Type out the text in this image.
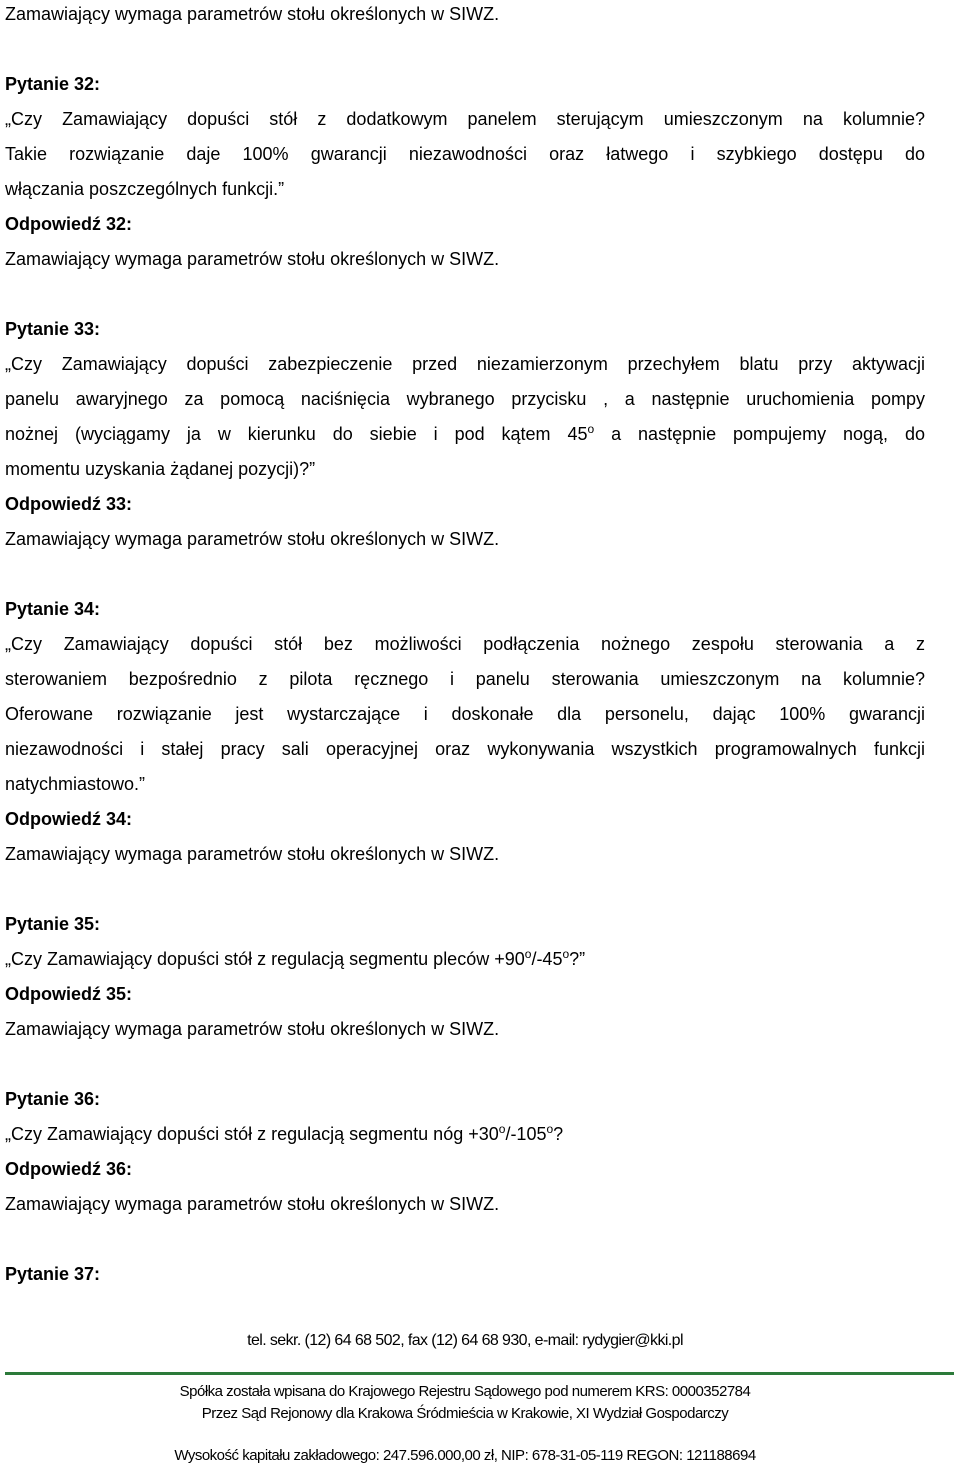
Zamawiający wymaga parametrów stołu określonych w SIWZ.

Pytanie 32:

„Czy Zamawiający dopuści stół z dodatkowym panelem sterującym umieszczonym na kolumnie?

Takie rozwiązanie daje 100% gwarancji niezawodności oraz łatwego i szybkiego dostępu do

włączania poszczególnych funkcji.”

Odpowiedź 32:

Zamawiający wymaga parametrów stołu określonych w SIWZ.

Pytanie 33:

„Czy Zamawiający dopuści zabezpieczenie przed niezamierzonym przechyłem blatu przy aktywacji

panelu awaryjnego za pomocą naciśnięcia wybranego przycisku , a następnie uruchomienia pompy

nożnej (wyciągamy ja w kierunku do siebie i pod kątem 45$^o$ a następnie pompujemy nogą, do

momentu uzyskania żądanej pozycji)?”

Odpowiedź 33:

Zamawiający wymaga parametrów stołu określonych w SIWZ.

Pytanie 34:

„Czy Zamawiający dopuści stół bez możliwości podłączenia nożnego zespołu sterowania a z

sterowaniem bezpośrednio z pilota ręcznego i panelu sterowania umieszczonym na kolumnie?

Oferowane rozwiązanie jest wystarczające i doskonałe dla personelu, dając 100% gwarancji

niezawodności i stałej pracy sali operacyjnej oraz wykonywania wszystkich programowalnych funkcji

natychmiastowo.”

Odpowiedź 34:

Zamawiający wymaga parametrów stołu określonych w SIWZ.

Pytanie 35:

„Czy Zamawiający dopuści stół z regulacją segmentu pleców $+90^o/-45^o$?”

Odpowiedź 35:

Zamawiający wymaga parametrów stołu określonych w SIWZ.

Pytanie 36:

„Czy Zamawiający dopuści stół z regulacją segmentu nóg $+30^o/-105^o$?

Odpowiedź 36:

Zamawiający wymaga parametrów stołu określonych w SIWZ.

Pytanie 37:

tel. sekr. (12) 64 68 502, fax (12) 64 68 930, e-mail: rydygier@kki.pl
Spółka została wpisana do Krajowego Rejestru Sądowego pod numerem KRS: 0000352784
Przez Sąd Rejonowy dla Krakowa Śródmieścia w Krakowie, XI Wydział Gospodarczy
Wysokość kapitału zakładowego: 247.596.000,00 zł, NIP: 678-31-05-119 REGON: 121188694
